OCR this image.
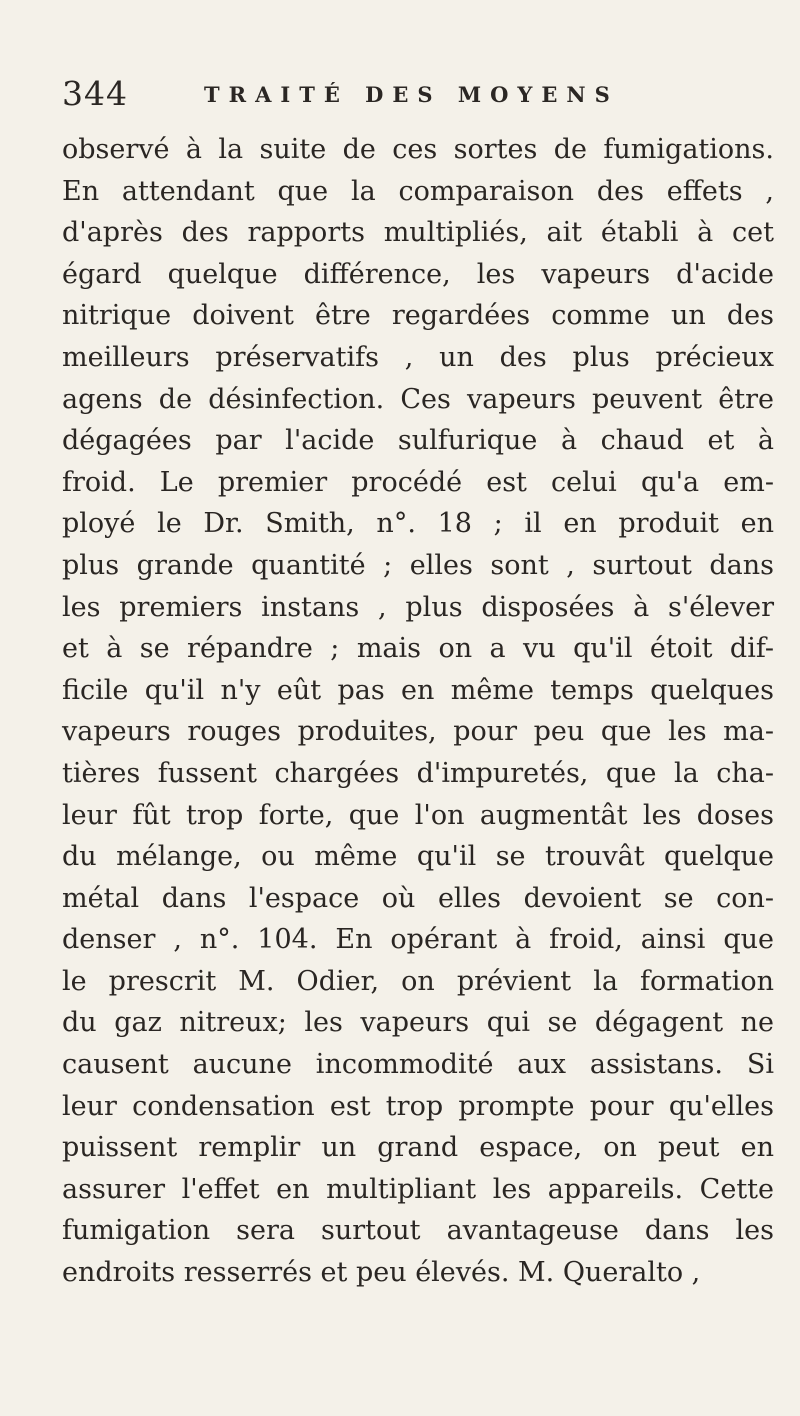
344	TRAITÉ DES MOYENS
observé à la suite de ces sortes de fumigations.
En attendant que la comparaison des effets ,
d'après des rapports multipliés, ait établi à cet
égard quelque différence, les vapeurs d'acide
nitrique doivent être regardées comme un des
meilleurs préservatifs , un des plus précieux
agens de désinfection. Ces vapeurs peuvent être
dégagées par l'acide sulfurique à chaud et à
froid. Le premier procédé est celui qu'a em-
ployé le Dr. Smith, n°. 18 ; il en produit en
plus grande quantité ; elles sont , surtout dans
les premiers instans , plus disposées à s'élever
et à se répandre ; mais on a vu qu'il étoit dif-
ficile qu'il n'y eût pas en même temps quelques
vapeurs rouges produites, pour peu que les ma-
tières fussent chargées d'impuretés, que la cha-
leur fût trop forte, que l'on augmentât les doses
du mélange, ou même qu'il se trouvât quelque
métal dans l'espace où elles devoient se con-
denser , n°. 104. En opérant à froid, ainsi que
le prescrit M. Odier, on prévient la formation
du gaz nitreux; les vapeurs qui se dégagent ne
causent aucune incommodité aux assistans. Si
leur condensation est trop prompte pour qu'elles
puissent remplir un grand espace, on peut en
assurer l'effet en multipliant les appareils. Cette
fumigation sera surtout avantageuse dans les
endroits resserrés et peu élevés. M. Queralto ,
